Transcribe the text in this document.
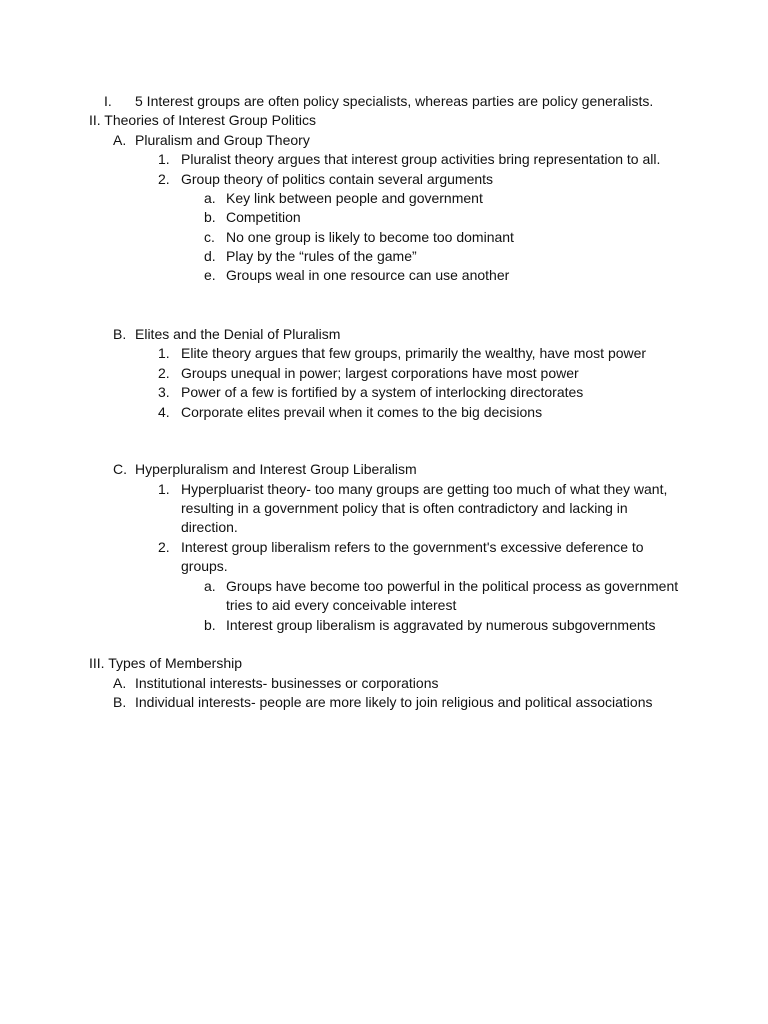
I. 5 Interest groups are often policy specialists, whereas parties are policy generalists.
II. Theories of Interest Group Politics
A. Pluralism and Group Theory
1. Pluralist theory argues that interest group activities bring representation to all.
2. Group theory of politics contain several arguments
a. Key link between people and government
b. Competition
c. No one group is likely to become too dominant
d. Play by the “rules of the game”
e. Groups weal in one resource can use another
B. Elites and the Denial of Pluralism
1. Elite theory argues that few groups, primarily the wealthy, have most power
2. Groups unequal in power; largest corporations have most power
3. Power of a few is fortified by a system of interlocking directorates
4. Corporate elites prevail when it comes to the big decisions
C. Hyperpluralism and Interest Group Liberalism
1. Hyperpluarist theory- too many groups are getting too much of what they want,
resulting in a government policy that is often contradictory and lacking in
direction.
2. Interest group liberalism refers to the government's excessive deference to
groups.
a. Groups have become too powerful in the political process as government
tries to aid every conceivable interest
b. Interest group liberalism is aggravated by numerous subgovernments
III. Types of Membership
A. Institutional interests- businesses or corporations
B. Individual interests- people are more likely to join religious and political associations
